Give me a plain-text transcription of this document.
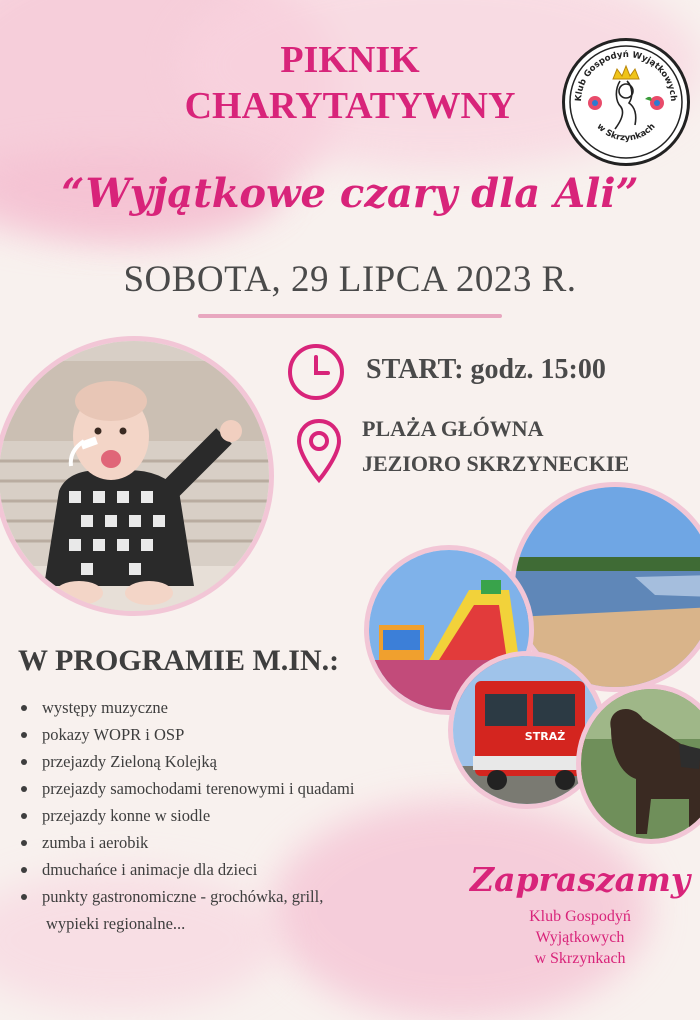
PIKNIK
CHARYTATYWNY	Klub Gospodyń Wyjątkowych
w Skrzynkach
“Wyjątkowe czary dla Ali”
SOBOTA, 29 LIPCA 2023 R.
START: godz. 15:00
PLAŻA GŁÓWNA
JEZIORO SKRZYNECKIE
STRAŻ
W PROGRAMIE M.IN.:
występy muzyczne
pokazy WOPR i OSP
przejazdy Zieloną Kolejką
przejazdy samochodami terenowymi i quadami
przejazdy konne w siodle
zumba i aerobik
dmuchańce i animacje dla dzieci
punkty gastronomiczne - grochówka, grill,
wypieki regionalne...
Zapraszamy
Klub Gospodyń
Wyjątkowych
w Skrzynkach
